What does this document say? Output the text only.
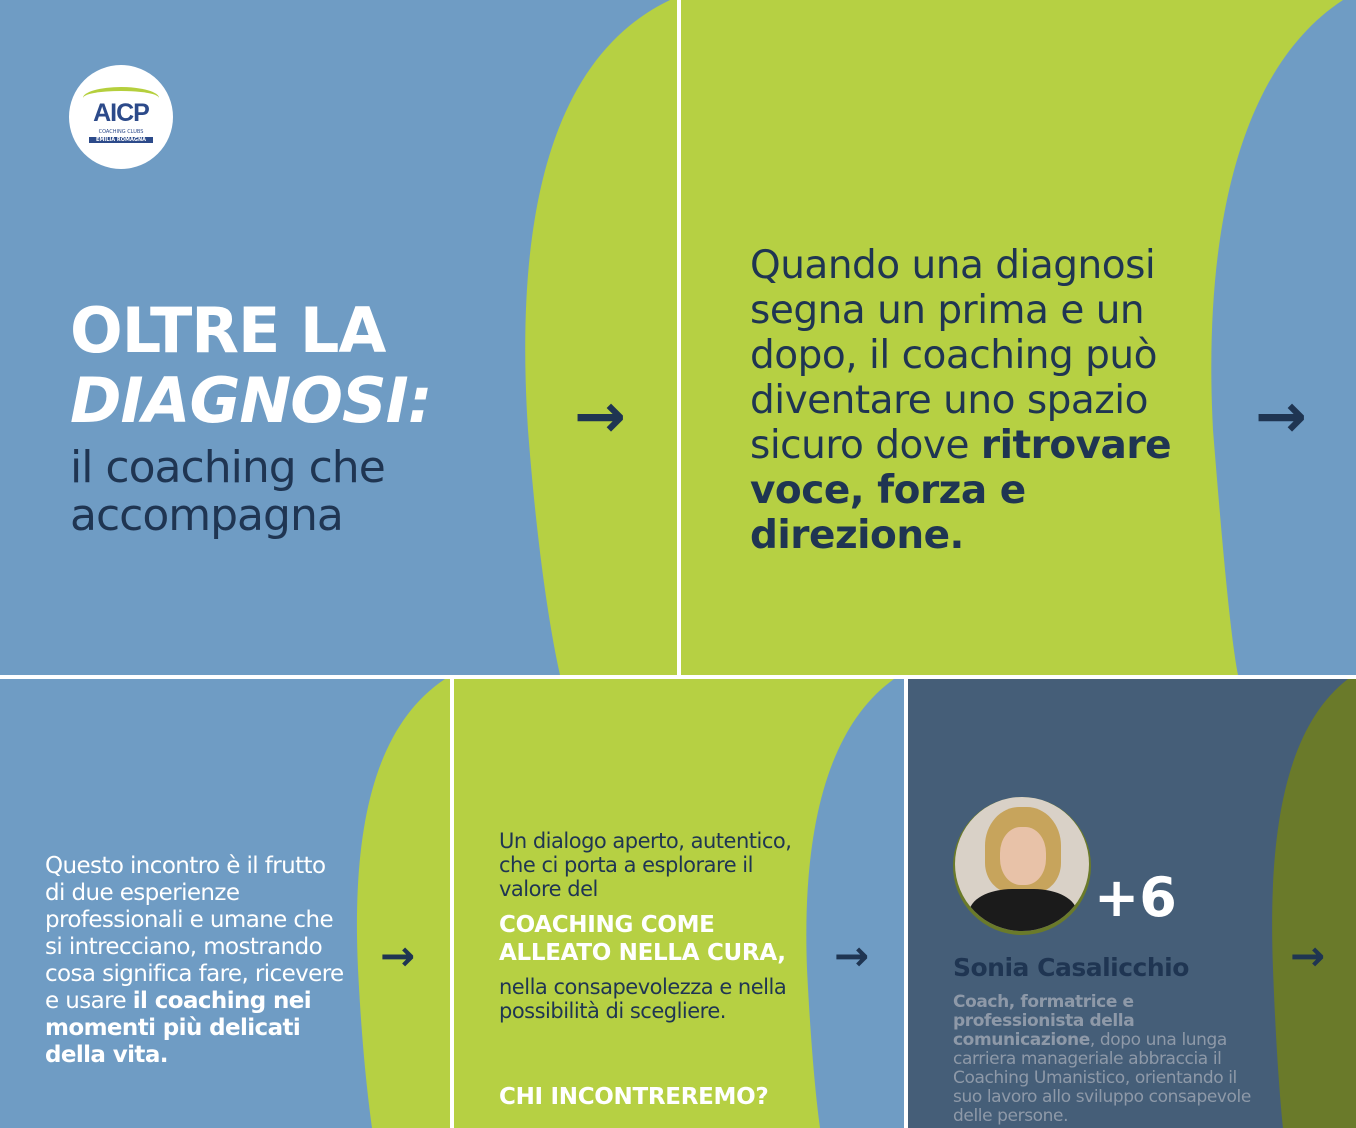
AICP
COACHING CLUBS
EMILIA ROMAGNA
OLTRE LA
DIAGNOSI:
il coaching che accompagna
→
Quando una diagnosi segna un prima e un dopo, il coaching può diventare uno spazio sicuro dove ritrovare voce, forza e direzione.
→
Questo incontro è il frutto di due esperienze professionali e umane che si intrecciano, mostrando cosa significa fare, ricevere e usare il coaching nei momenti più delicati della vita.
→
Un dialogo aperto, autentico, che ci porta a esplorare il valore del
COACHING COME ALLEATO NELLA CURA,
nella consapevolezza e nella possibilità di scegliere.
CHI INCONTREREMO?
→
+6
Sonia Casalicchio
Coach, formatrice e professionista della comunicazione, dopo una lunga carriera manageriale abbraccia il Coaching Umanistico, orientando il suo lavoro allo sviluppo consapevole delle persone.
→
